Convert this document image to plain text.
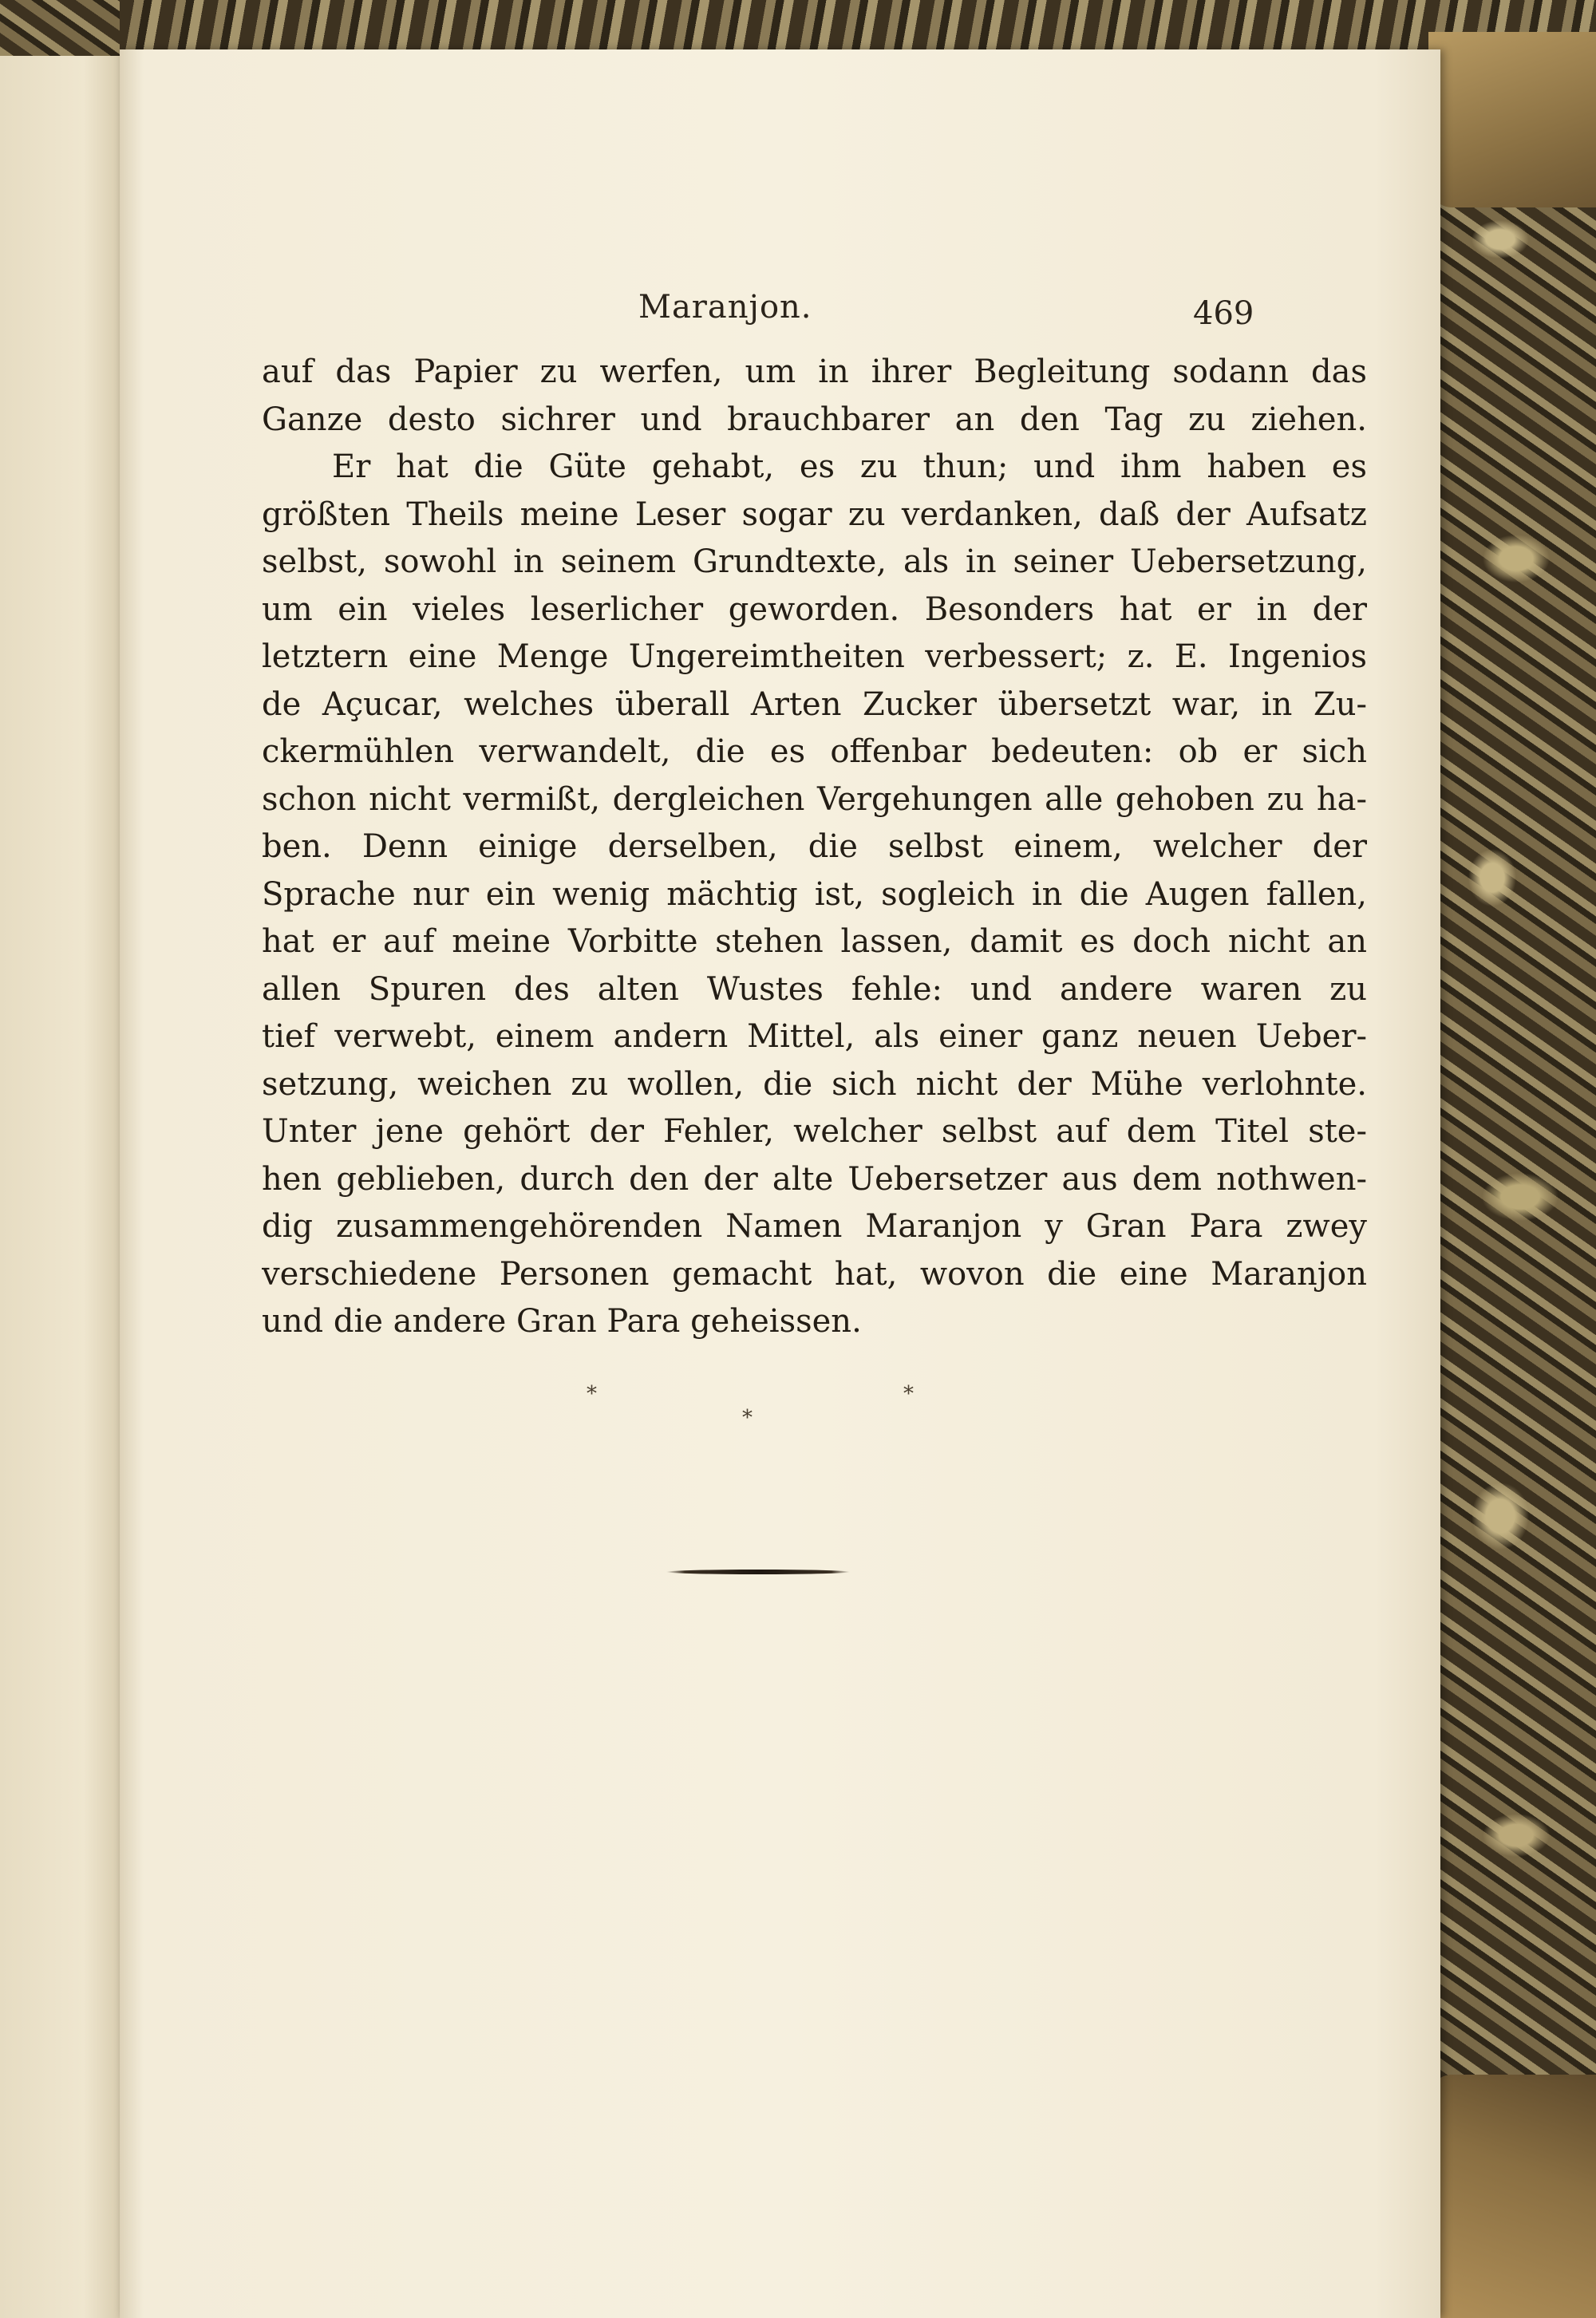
Maranjon.	469
auf das Papier zu werfen, um in ihrer Begleitung sodann das
Ganze desto sichrer und brauchbarer an den Tag zu ziehen.
Er hat die Güte gehabt, es zu thun; und ihm haben es
größten Theils meine Leser sogar zu verdanken, daß der Aufsatz
selbst, sowohl in seinem Grundtexte, als in seiner Uebersetzung,
um ein vieles leserlicher geworden. Besonders hat er in der
letztern eine Menge Ungereimtheiten verbessert; z. E. Ingenios
de Açucar, welches überall Arten Zucker übersetzt war, in Zu-
ckermühlen verwandelt, die es offenbar bedeuten: ob er sich
schon nicht vermißt, dergleichen Vergehungen alle gehoben zu ha-
ben. Denn einige derselben, die selbst einem, welcher der
Sprache nur ein wenig mächtig ist, sogleich in die Augen fallen,
hat er auf meine Vorbitte stehen lassen, damit es doch nicht an
allen Spuren des alten Wustes fehle: und andere waren zu
tief verwebt, einem andern Mittel, als einer ganz neuen Ueber-
setzung, weichen zu wollen, die sich nicht der Mühe verlohnte.
Unter jene gehört der Fehler, welcher selbst auf dem Titel ste-
hen geblieben, durch den der alte Uebersetzer aus dem nothwen-
dig zusammengehörenden Namen Maranjon y Gran Para zwey
verschiedene Personen gemacht hat, wovon die eine Maranjon
und die andere Gran Para geheissen.
*	*
*
